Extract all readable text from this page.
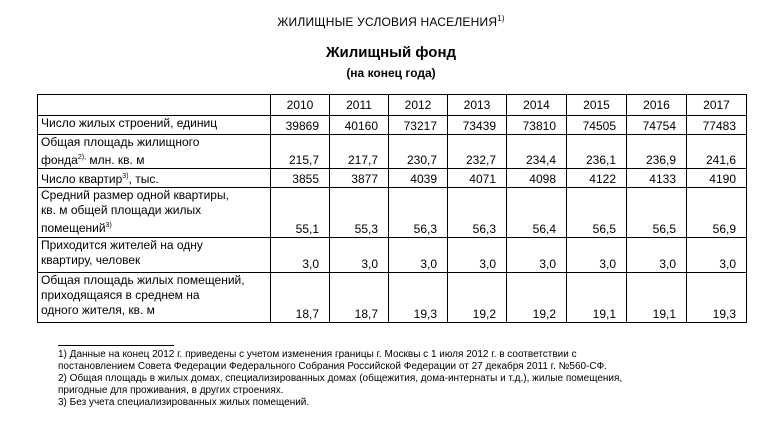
ЖИЛИЩНЫЕ УСЛОВИЯ НАСЕЛЕНИЯ$^{1)}$
Жилищный фонд
(на конец года)
	2010	2011	2012	2013	2014	2015	2016	2017
Число жилых строений, единиц	39869	40160	73217	73439	73810	74505	74754	77483
Общая площадь жилищного
фонда$^{2),}$ млн. кв. м	215,7	217,7	230,7	232,7	234,4	236,1	236,9	241,6
Число квартир$^{3)}$, тыс.	3855	3877	4039	4071	4098	4122	4133	4190
Средний размер одной квартиры,
кв. м общей площади жилых
помещений$^{3)}$	55,1	55,3	56,3	56,3	56,4	56,5	56,5	56,9
Приходится жителей на одну
квартиру, человек	3,0	3,0	3,0	3,0	3,0	3,0	3,0	3,0
Общая площадь жилых помещений,
приходящаяся в среднем на
одного жителя, кв. м	18,7	18,7	19,3	19,2	19,2	19,1	19,1	19,3

1) Данные на конец 2012 г. приведены с учетом изменения границы г. Москвы с 1 июля 2012 г. в соответствии с

постановлением Совета Федерации Федерального Собрания Российской Федерации от 27 декабря 2011 г. №560-СФ.

2) Общая площадь в жилых домах, специализированных домах (общежития, дома-интернаты и т.д.), жилые помещения,

пригодные для проживания, в других строениях.

3) Без учета специализированных жилых помещений.
